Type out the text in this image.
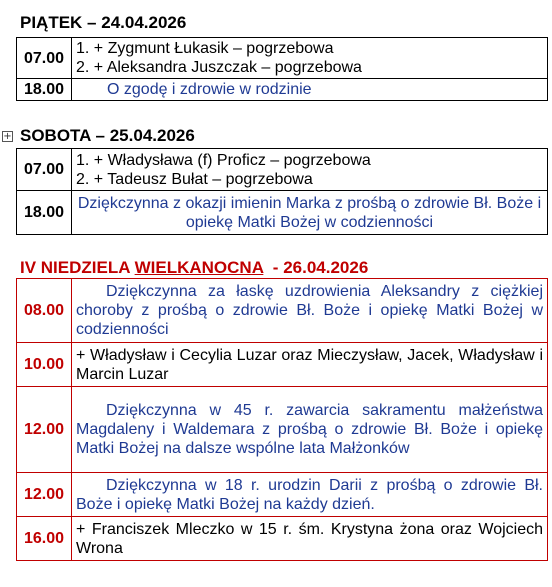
PIĄTEK – 24.04.2026
07.00	1. + Zygmunt Łukasik – pogrzebowa
2. + Aleksandra Juszczak – pogrzebowa

18.00	O zgodę i zdrowie w rodzinie
+ SOBOTA – 25.04.2026
07.00	1. + Władysława (f) Proficz – pogrzebowa
2. + Tadeusz Bułat – pogrzebowa

18.00	Dziękczynna z okazji imienin Marka z prośbą o zdrowie Bł. Boże i opiekę Matki Bożej w codzienności
IV NIEDZIELA WIELKANOCNA  - 26.04.2026
08.00	Dziękczynna za łaskę uzdrowienia Aleksandry z ciężkiej choroby z prośbą o zdrowie Bł. Boże i opiekę Matki Bożej w codzienności
10.00	+ Władysław i Cecylia Luzar oraz Mieczysław, Jacek, Władysław i Marcin Luzar
12.00	Dziękczynna w 45 r. zawarcia sakramentu małżeństwa Magdaleny i Waldemara z prośbą o zdrowie Bł. Boże i opiekę Matki Bożej na dalsze wspólne lata Małżonków
12.00	Dziękczynna w 18 r. urodzin Darii z prośbą o zdrowie Bł. Boże i opiekę Matki Bożej na każdy dzień.
16.00	+ Franciszek Mleczko w 15 r. śm. Krystyna żona oraz Wojciech Wrona
